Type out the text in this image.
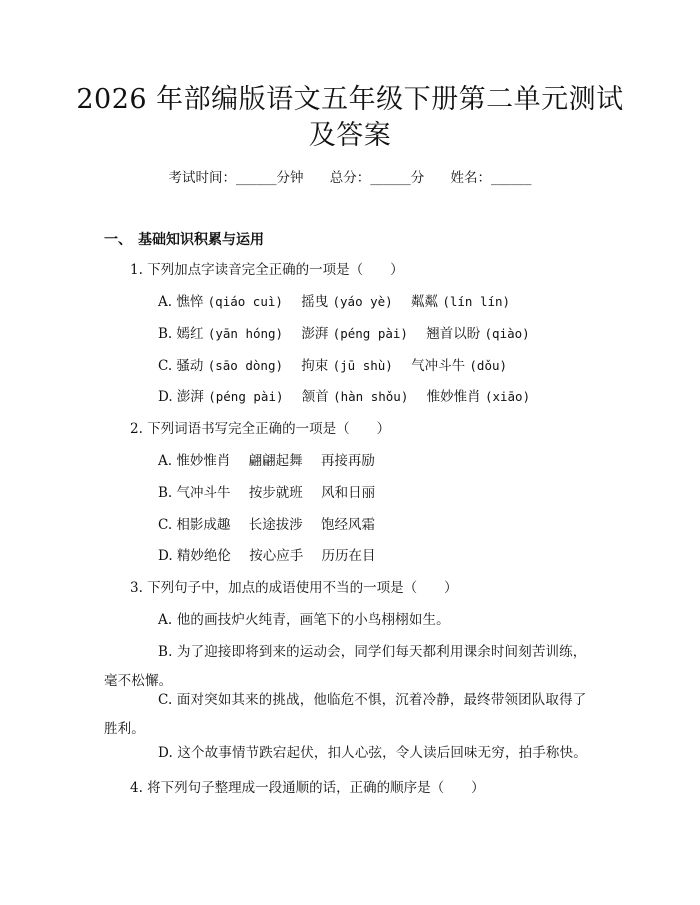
2026 年部编版语文五年级下册第二单元测试
及答案
考试时间：______分钟 总分：______分 姓名：______
一、 基础知识积累与运用
1. 下列加点字读音完全正确的一项是（　　）
A. 憔悴 (qiáo cuì) 摇曳 (yáo yè) 粼粼 (lín lín)
B. 嫣红 (yān hóng) 澎湃 (péng pài) 翘首以盼 (qiào)
C. 骚动 (sāo dòng) 拘束 (jū shù) 气冲斗牛 (dǒu)
D. 澎湃 (péng pài) 颔首 (hàn shǒu) 惟妙惟肖 (xiāo)
2. 下列词语书写完全正确的一项是（　　）
A. 惟妙惟肖 翩翩起舞 再接再励
B. 气冲斗牛 按步就班 风和日丽
C. 相影成趣 长途拔涉 饱经风霜
D. 精妙绝伦 按心应手 历历在目
3. 下列句子中，加点的成语使用不当的一项是（　　）
A. 他的画技炉火纯青，画笔下的小鸟栩栩如生。
B. 为了迎接即将到来的运动会，同学们每天都利用课余时间刻苦训练，毫不松懈。
C. 面对突如其来的挑战，他临危不惧，沉着冷静，最终带领团队取得了胜利。
D. 这个故事情节跌宕起伏，扣人心弦，令人读后回味无穷，拍手称快。
4. 将下列句子整理成一段通顺的话，正确的顺序是（　　）
